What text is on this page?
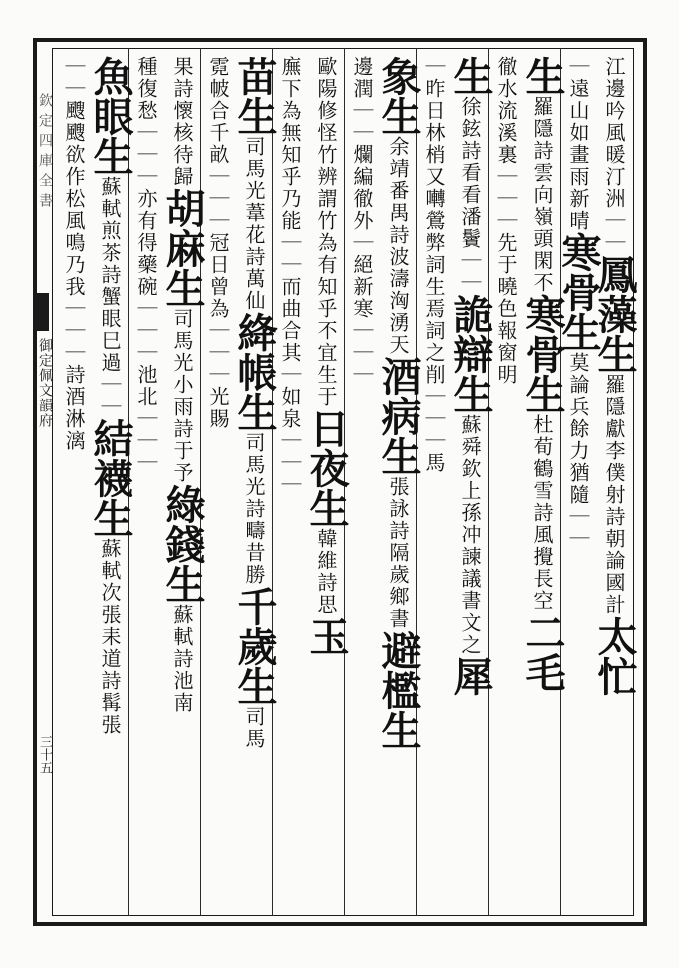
欽定四庫全書
御定佩文韻府
三十五
江邊吟風暖汀洲｜｜鳳藻生羅隱獻李僕射詩朝論國計太忙
｜遠山如畫雨新晴寒骨生莫論兵餘力猶隨｜｜
生羅隱詩雲向嶺頭閑不寒骨生杜荀鶴雪詩風攪長空二毛
徹水流溪裏｜｜｜先于曉色報窗明
生徐鉉詩看看潘鬢｜｜詭辯生蘇舜欽上孫冲諫議書文之犀
｜昨日林梢又囀鶯弊詞生焉詞之削｜｜｜馬
象生余靖番禺詩波濤洶湧天酒病生張詠詩隔歲鄉書避檻生
邊潤｜｜爛編徹外｜絕新寒｜｜｜
歐陽修怪竹辨謂竹為有知乎不宜生于日夜生韓維詩思玉
廡下為無知乎乃能｜｜而曲合其｜如泉｜｜｜
苗生司馬光葦花詩萬仙絳帳生司馬光詩疇昔勝千歲生司馬
霓帔合千畝｜｜｜冠日曾為｜｜｜光賜
果詩懷核待歸胡麻生司馬光小雨詩于予綠錢生蘇軾詩池南
種復愁｜｜｜亦有得藥碗｜｜｜池北｜｜｜
魚眼生蘇軾煎茶詩蟹眼巳過｜｜結襪生蘇軾次張耒道詩髯張
｜｜颼颼欲作松風鳴乃我｜｜｜詩酒淋漓
